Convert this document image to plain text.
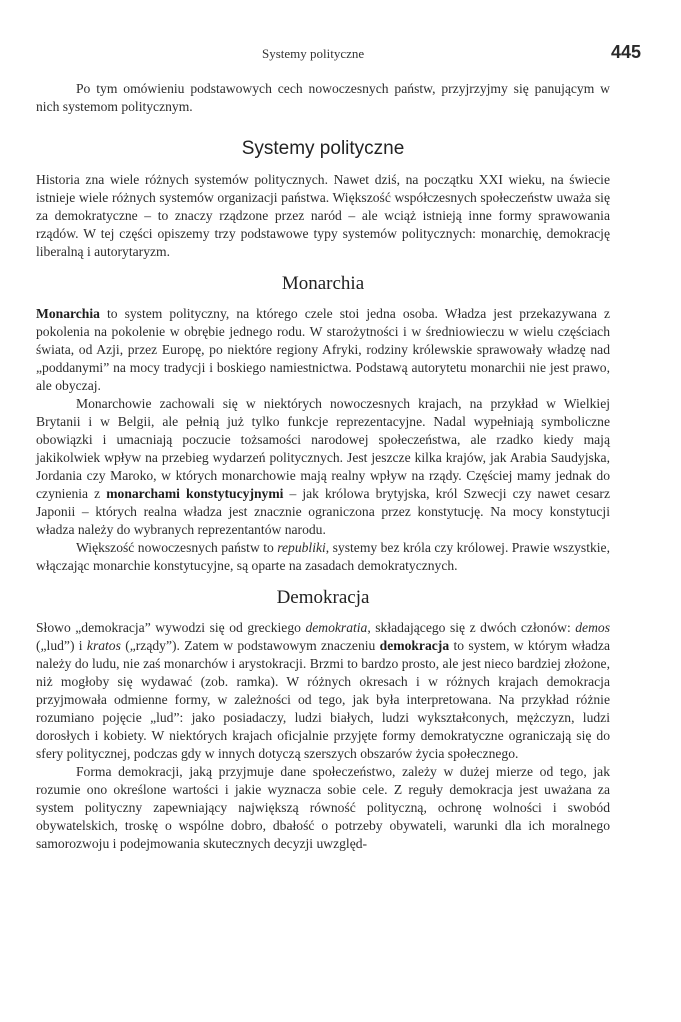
Systemy polityczne	445

Po tym omówieniu podstawowych cech nowoczesnych państw, przyjrzyjmy się panującym w nich systemom politycznym.

Systemy polityczne

Historia zna wiele różnych systemów politycznych. Nawet dziś, na początku XXI wieku, na świecie istnieje wiele różnych systemów organizacji państwa. Większość współczesnych społeczeństw uważa się za demokratyczne – to znaczy rządzone przez naród – ale wciąż istnieją inne formy sprawowania rządów. W tej części opiszemy trzy podstawowe typy systemów politycznych: monarchię, demokrację liberalną i autorytaryzm.

Monarchia

Monarchia to system polityczny, na którego czele stoi jedna osoba. Władza jest przekazywana z pokolenia na pokolenie w obrębie jednego rodu. W starożytności i w średniowieczu w wielu częściach świata, od Azji, przez Europę, po niektóre regiony Afryki, rodziny królewskie sprawowały władzę nad „poddanymi” na mocy tradycji i boskiego namiestnictwa. Podstawą autorytetu monarchii nie jest prawo, ale obyczaj.

Monarchowie zachowali się w niektórych nowoczesnych krajach, na przykład w Wielkiej Brytanii i w Belgii, ale pełnią już tylko funkcje reprezentacyjne. Nadal wypełniają symboliczne obowiązki i umacniają poczucie tożsamości narodowej społeczeństwa, ale rzadko kiedy mają jakikolwiek wpływ na przebieg wydarzeń politycznych. Jest jeszcze kilka krajów, jak Arabia Saudyjska, Jordania czy Maroko, w których monarchowie mają realny wpływ na rządy. Częściej mamy jednak do czynienia z monarchami konstytucyjnymi – jak królowa brytyjska, król Szwecji czy nawet cesarz Japonii – których realna władza jest znacznie ograniczona przez konstytucję. Na mocy konstytucji władza należy do wybranych reprezentantów narodu.

Większość nowoczesnych państw to republiki, systemy bez króla czy królowej. Prawie wszystkie, włączając monarchie konstytucyjne, są oparte na zasadach demokratycznych.

Demokracja

Słowo „demokracja” wywodzi się od greckiego demokratia, składającego się z dwóch członów: demos („lud”) i kratos („rządy”). Zatem w podstawowym znaczeniu demokracja to system, w którym władza należy do ludu, nie zaś monarchów i arystokracji. Brzmi to bardzo prosto, ale jest nieco bardziej złożone, niż mogłoby się wydawać (zob. ramka). W różnych okresach i w różnych krajach demokracja przyjmowała odmienne formy, w zależności od tego, jak była interpretowana. Na przykład różnie rozumiano pojęcie „lud”: jako posiadaczy, ludzi białych, ludzi wykształconych, mężczyzn, ludzi dorosłych i kobiety. W niektórych krajach oficjalnie przyjęte formy demokratyczne ograniczają się do sfery politycznej, podczas gdy w innych dotyczą szerszych obszarów życia społecznego.

Forma demokracji, jaką przyjmuje dane społeczeństwo, zależy w dużej mierze od tego, jak rozumie ono określone wartości i jakie wyznacza sobie cele. Z reguły demokracja jest uważana za system polityczny zapewniający największą równość polityczną, ochronę wolności i swobód obywatelskich, troskę o wspólne dobro, dbałość o potrzeby obywateli, warunki dla ich moralnego samorozwoju i podejmowania skutecznych decyzji uwzględ-
